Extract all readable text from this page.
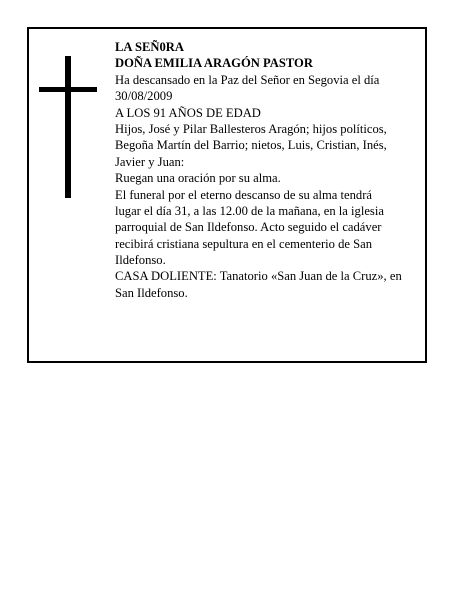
LA SEÑ0RA
DOÑA EMILIA ARAGÓN PASTOR
Ha descansado en la Paz del Señor en Segovia el día
30/08/2009
A LOS 91 AÑOS DE EDAD
Hijos, José y Pilar Ballesteros Aragón; hijos políticos,
Begoña Martín del Barrio; nietos, Luis, Cristian, Inés,
Javier y Juan:
Ruegan una oración por su alma.
El funeral por el eterno descanso de su alma tendrá
lugar el día 31, a las 12.00 de la mañana, en la iglesia
parroquial de San Ildefonso. Acto seguido el cadáver
recibirá cristiana sepultura en el cementerio de San
Ildefonso.
CASA DOLIENTE: Tanatorio «San Juan de la Cruz», en
San Ildefonso.
